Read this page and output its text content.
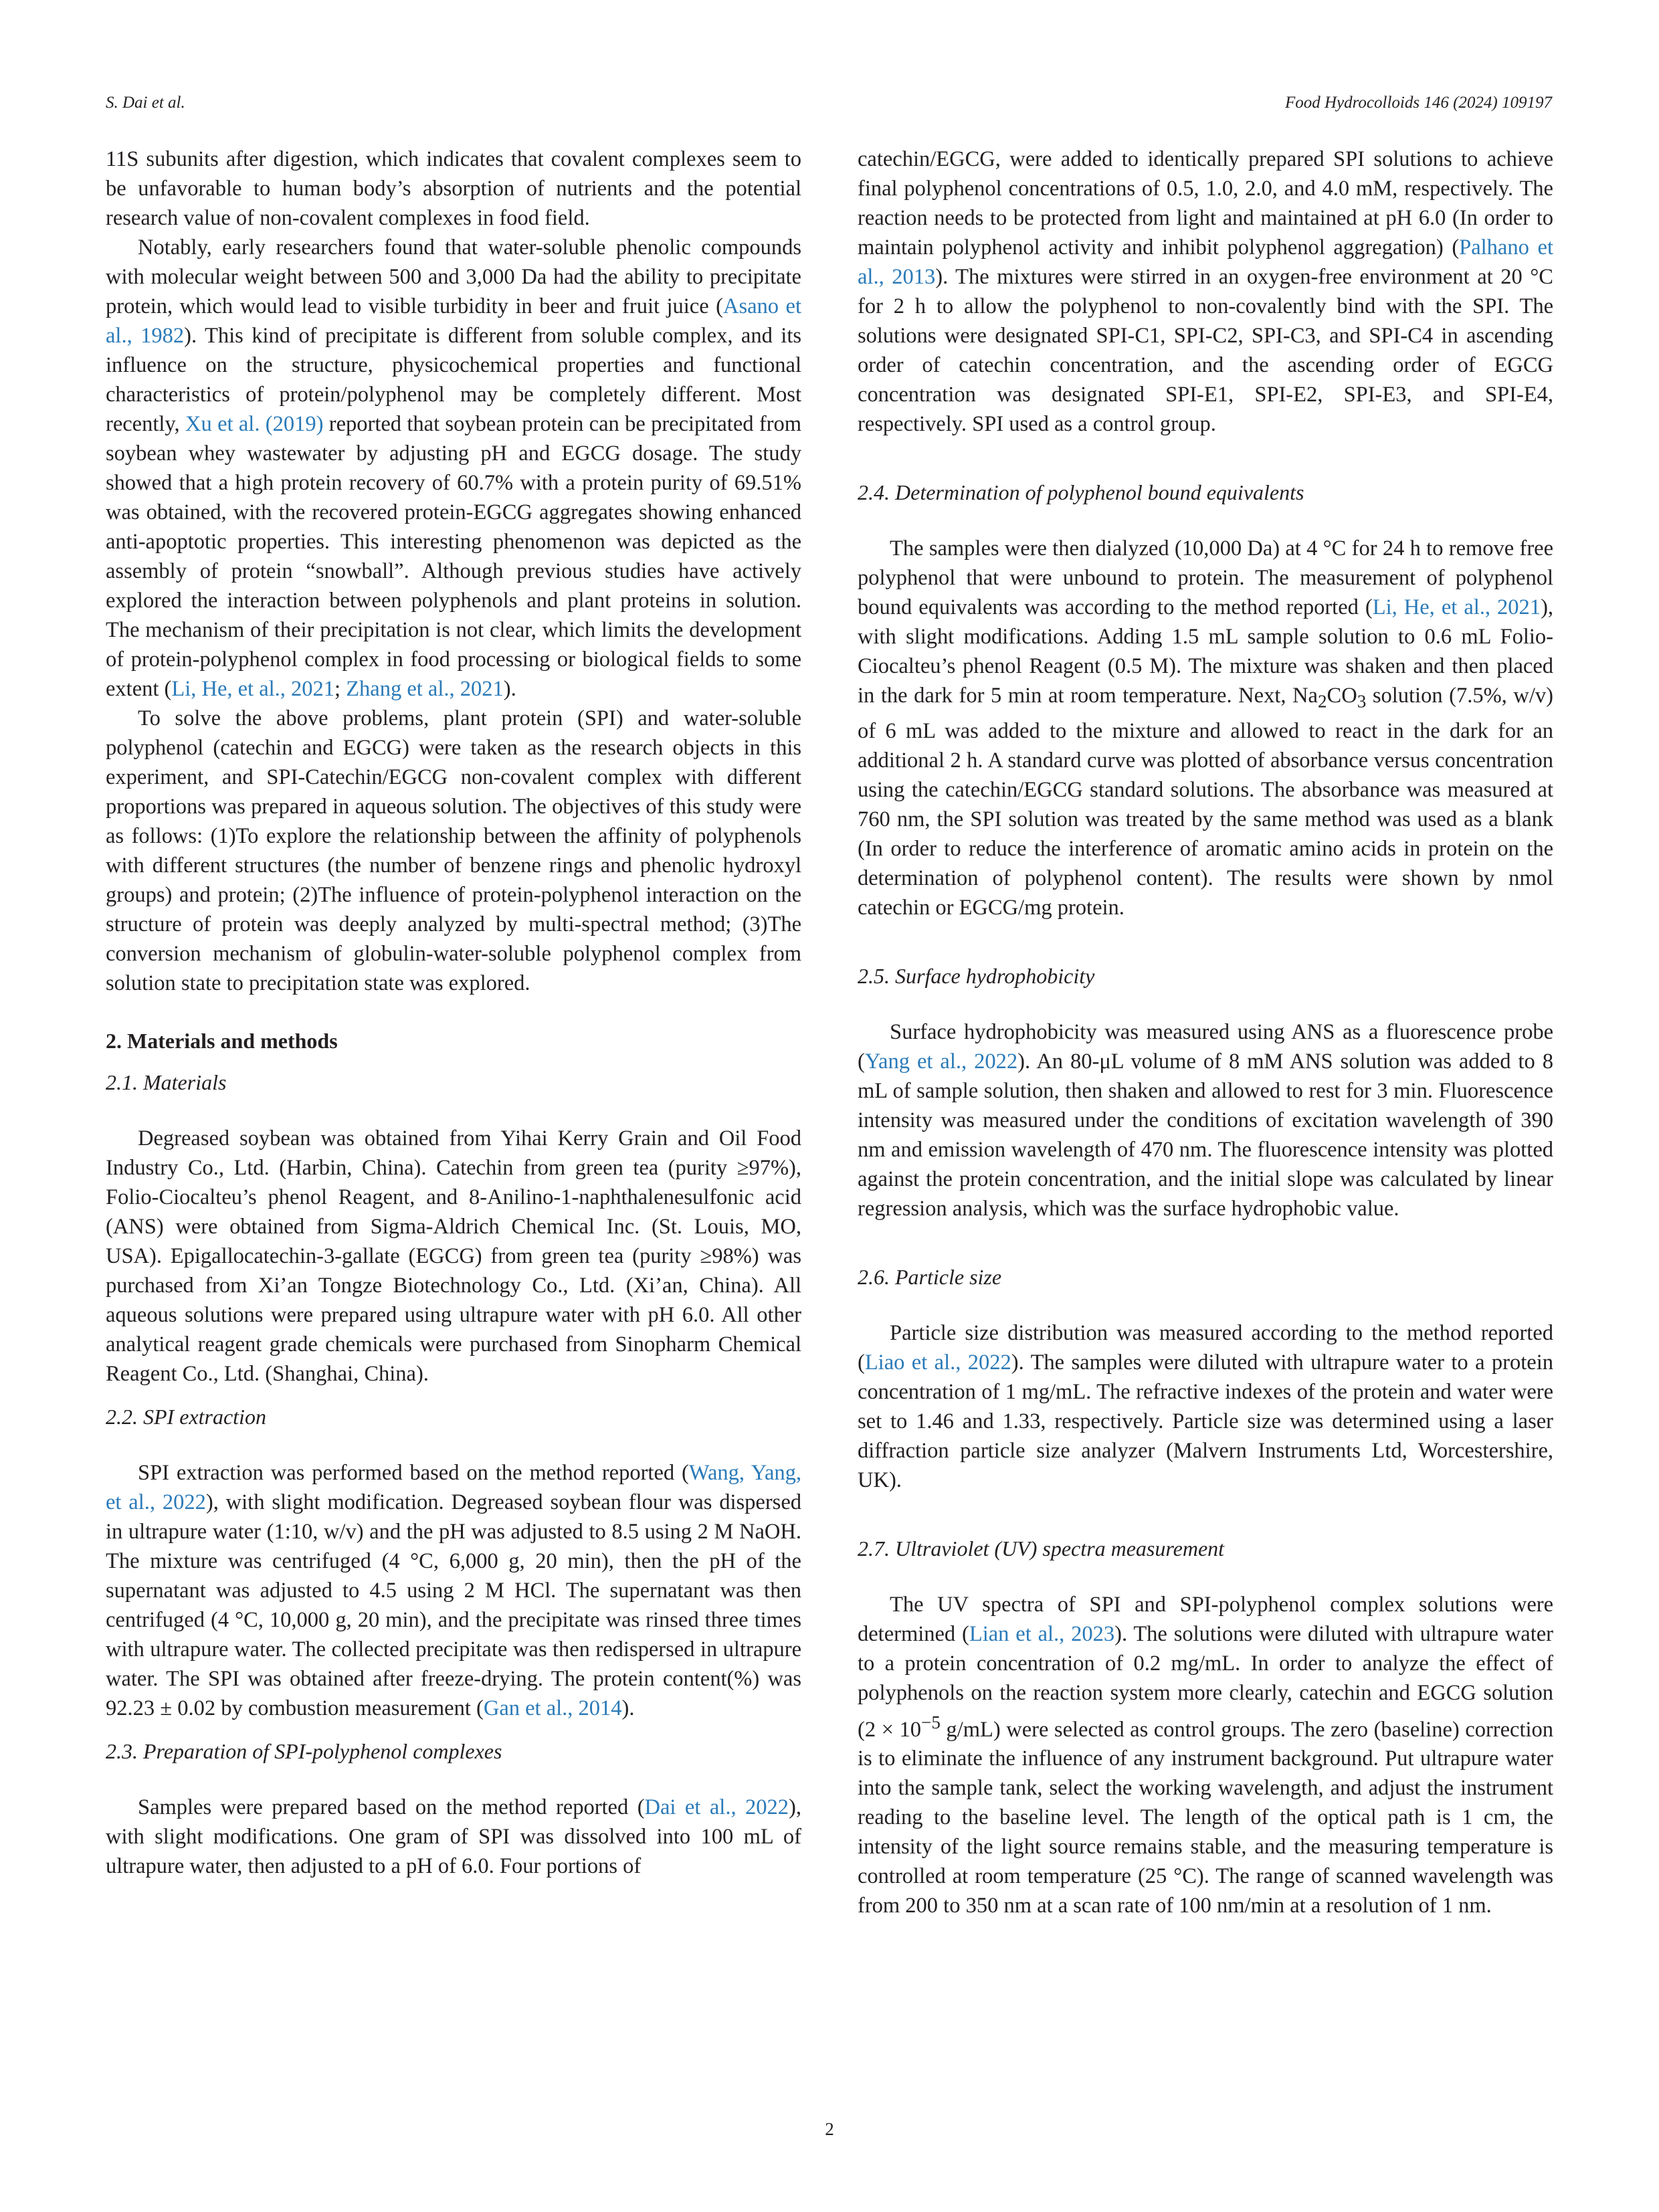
S. Dai et al.	Food Hydrocolloids 146 (2024) 109197

11S subunits after digestion, which indicates that covalent complexes seem to be unfavorable to human body’s absorption of nutrients and the potential research value of non-covalent complexes in food field.

Notably, early researchers found that water-soluble phenolic compounds with molecular weight between 500 and 3,000 Da had the ability to precipitate protein, which would lead to visible turbidity in beer and fruit juice (Asano et al., 1982). This kind of precipitate is different from soluble complex, and its influence on the structure, physicochemical properties and functional characteristics of protein/polyphenol may be completely different. Most recently, Xu et al. (2019) reported that soybean protein can be precipitated from soybean whey wastewater by adjusting pH and EGCG dosage. The study showed that a high protein recovery of 60.7% with a protein purity of 69.51% was obtained, with the recovered protein-EGCG aggregates showing enhanced anti-apoptotic properties. This interesting phenomenon was depicted as the assembly of protein “snowball”. Although previous studies have actively explored the interaction between polyphenols and plant proteins in solution. The mechanism of their precipitation is not clear, which limits the development of protein-polyphenol complex in food processing or biological fields to some extent (Li, He, et al., 2021; Zhang et al., 2021).

To solve the above problems, plant protein (SPI) and water-soluble polyphenol (catechin and EGCG) were taken as the research objects in this experiment, and SPI-Catechin/EGCG non-covalent complex with different proportions was prepared in aqueous solution. The objectives of this study were as follows: (1)To explore the relationship between the affinity of polyphenols with different structures (the number of benzene rings and phenolic hydroxyl groups) and protein; (2)The influence of protein-polyphenol interaction on the structure of protein was deeply analyzed by multi-spectral method; (3)The conversion mechanism of globulin-water-soluble polyphenol complex from solution state to precipitation state was explored.

2. Materials and methods
2.1. Materials

Degreased soybean was obtained from Yihai Kerry Grain and Oil Food Industry Co., Ltd. (Harbin, China). Catechin from green tea (purity ≥97%), Folio-Ciocalteu’s phenol Reagent, and 8-Anilino-1-naphthalenesulfonic acid (ANS) were obtained from Sigma-Aldrich Chemical Inc. (St. Louis, MO, USA). Epigallocatechin-3-gallate (EGCG) from green tea (purity ≥98%) was purchased from Xi’an Tongze Biotechnology Co., Ltd. (Xi’an, China). All aqueous solutions were prepared using ultrapure water with pH 6.0. All other analytical reagent grade chemicals were purchased from Sinopharm Chemical Reagent Co., Ltd. (Shanghai, China).

2.2. SPI extraction

SPI extraction was performed based on the method reported (Wang, Yang, et al., 2022), with slight modification. Degreased soybean flour was dispersed in ultrapure water (1:10, w/v) and the pH was adjusted to 8.5 using 2 M NaOH. The mixture was centrifuged (4 °C, 6,000 g, 20 min), then the pH of the supernatant was adjusted to 4.5 using 2 M HCl. The supernatant was then centrifuged (4 °C, 10,000 g, 20 min), and the precipitate was rinsed three times with ultrapure water. The collected precipitate was then redispersed in ultrapure water. The SPI was obtained after freeze-drying. The protein content(%) was 92.23 ± 0.02 by combustion measurement (Gan et al., 2014).

2.3. Preparation of SPI-polyphenol complexes

Samples were prepared based on the method reported (Dai et al., 2022), with slight modifications. One gram of SPI was dissolved into 100 mL of ultrapure water, then adjusted to a pH of 6.0. Four portions of

catechin/EGCG, were added to identically prepared SPI solutions to achieve final polyphenol concentrations of 0.5, 1.0, 2.0, and 4.0 mM, respectively. The reaction needs to be protected from light and maintained at pH 6.0 (In order to maintain polyphenol activity and inhibit polyphenol aggregation) (Palhano et al., 2013). The mixtures were stirred in an oxygen-free environment at 20 °C for 2 h to allow the polyphenol to non-covalently bind with the SPI. The solutions were designated SPI-C1, SPI-C2, SPI-C3, and SPI-C4 in ascending order of catechin concentration, and the ascending order of EGCG concentration was designated SPI-E1, SPI-E2, SPI-E3, and SPI-E4, respectively. SPI used as a control group.

2.4. Determination of polyphenol bound equivalents

The samples were then dialyzed (10,000 Da) at 4 °C for 24 h to remove free polyphenol that were unbound to protein. The measurement of polyphenol bound equivalents was according to the method reported (Li, He, et al., 2021), with slight modifications. Adding 1.5 mL sample solution to 0.6 mL Folio-Ciocalteu’s phenol Reagent (0.5 M). The mixture was shaken and then placed in the dark for 5 min at room temperature. Next, $Na_2CO_3$ solution (7.5%, w/v) of 6 mL was added to the mixture and allowed to react in the dark for an additional 2 h. A standard curve was plotted of absorbance versus concentration using the catechin/EGCG standard solutions. The absorbance was measured at 760 nm, the SPI solution was treated by the same method was used as a blank (In order to reduce the interference of aromatic amino acids in protein on the determination of polyphenol content). The results were shown by nmol catechin or EGCG/mg protein.

2.5. Surface hydrophobicity

Surface hydrophobicity was measured using ANS as a fluorescence probe (Yang et al., 2022). An 80-μL volume of 8 mM ANS solution was added to 8 mL of sample solution, then shaken and allowed to rest for 3 min. Fluorescence intensity was measured under the conditions of excitation wavelength of 390 nm and emission wavelength of 470 nm. The fluorescence intensity was plotted against the protein concentration, and the initial slope was calculated by linear regression analysis, which was the surface hydrophobic value.

2.6. Particle size

Particle size distribution was measured according to the method reported (Liao et al., 2022). The samples were diluted with ultrapure water to a protein concentration of 1 mg/mL. The refractive indexes of the protein and water were set to 1.46 and 1.33, respectively. Particle size was determined using a laser diffraction particle size analyzer (Malvern Instruments Ltd, Worcestershire, UK).

2.7. Ultraviolet (UV) spectra measurement

The UV spectra of SPI and SPI-polyphenol complex solutions were determined (Lian et al., 2023). The solutions were diluted with ultrapure water to a protein concentration of 0.2 mg/mL. In order to analyze the effect of polyphenols on the reaction system more clearly, catechin and EGCG solution ($2 \times 10^{-5}$ g/mL) were selected as control groups. The zero (baseline) correction is to eliminate the influence of any instrument background. Put ultrapure water into the sample tank, select the working wavelength, and adjust the instrument reading to the baseline level. The length of the optical path is 1 cm, the intensity of the light source remains stable, and the measuring temperature is controlled at room temperature (25 °C). The range of scanned wavelength was from 200 to 350 nm at a scan rate of 100 nm/min at a resolution of 1 nm.

2
